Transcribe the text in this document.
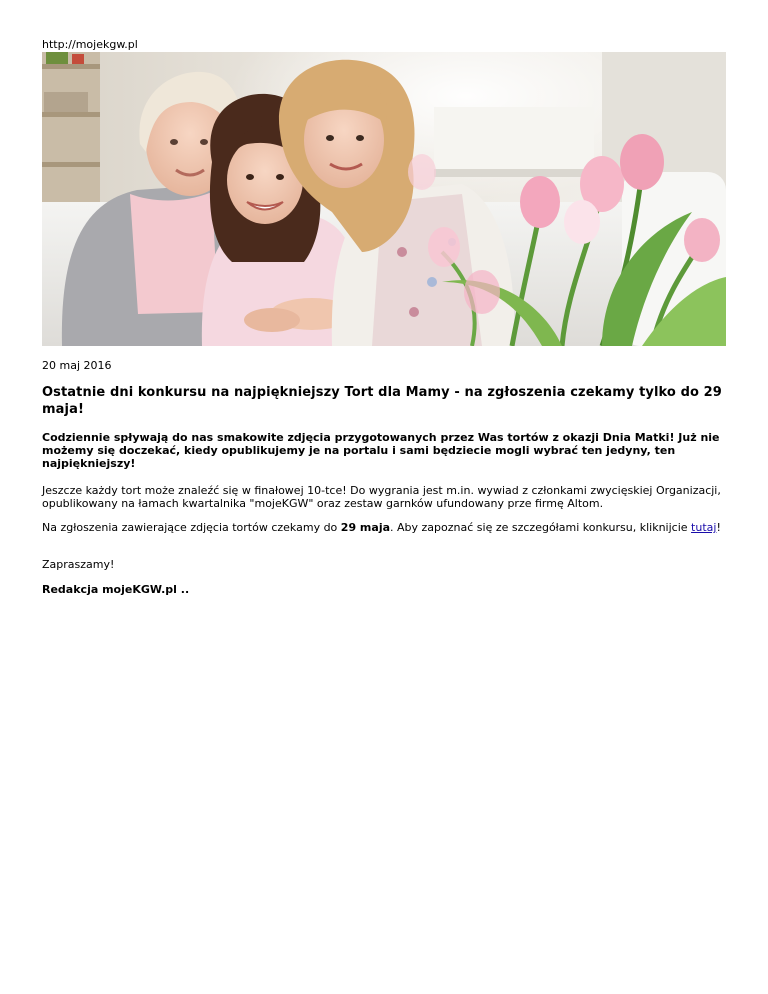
http://mojekgw.pl
20 maj 2016
Ostatnie dni konkursu na najpiękniejszy Tort dla Mamy - na zgłoszenia czekamy tylko do 29 maja!

Codziennie spływają do nas smakowite zdjęcia przygotowanych przez Was tortów z okazji Dnia Matki! Już nie możemy się doczekać, kiedy opublikujemy je na portalu i sami będziecie mogli wybrać ten jedyny, ten najpiękniejszy!

Jeszcze każdy tort może znaleźć się w finałowej 10-tce! Do wygrania jest m.in. wywiad z członkami zwycięskiej Organizacji, opublikowany na łamach kwartalnika "mojeKGW" oraz zestaw garnków ufundowany prze firmę Altom.

Na zgłoszenia zawierające zdjęcia tortów czekamy do 29 maja. Aby zapoznać się ze szczegółami konkursu, kliknijcie tutaj!

Zapraszamy!

Redakcja mojeKGW.pl ..
